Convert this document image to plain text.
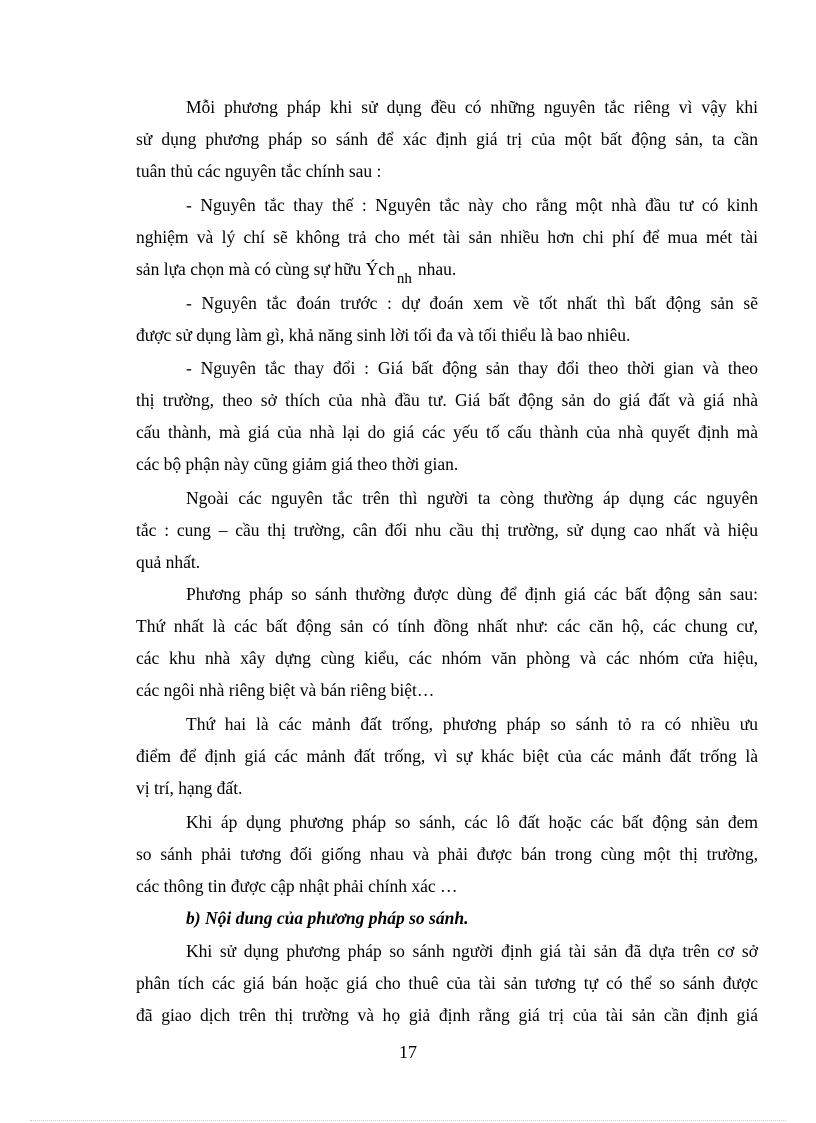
Mỗi phương pháp khi sử dụng đều có những nguyên tắc riêng vì vậy khi
sử dụng phương pháp so sánh để xác định giá trị của một bất động sản, ta cần
tuân thủ các nguyên tắc chính sau :
- Nguyên tắc thay thế : Nguyên tắc này cho rằng một nhà đầu tư có kinh
nghiệm và lý chí sẽ không trả cho mét tài sản nhiều hơn chi phí để mua mét tài
sản lựa chọn mà có cùng sự hữu Ých nh nhau.
- Nguyên tắc đoán trước : dự đoán xem về tốt nhất thì bất động sản sẽ
được sử dụng làm gì, khả năng sinh lời tối đa và tối thiểu là bao nhiêu.
- Nguyên tắc thay đổi : Giá bất động sản thay đổi theo thời gian và theo
thị trường, theo sở thích của nhà đầu tư. Giá bất động sản do giá đất và giá nhà
cấu thành, mà giá của nhà lại do giá các yếu tố cấu thành của nhà quyết định mà
các bộ phận này cũng giảm giá theo thời gian.
Ngoài các nguyên tắc trên thì người ta còng thường áp dụng các nguyên
tắc : cung – cầu thị trường, cân đối nhu cầu thị trường, sử dụng cao nhất và hiệu
quả nhất.
Phương pháp so sánh thường được dùng để định giá các bất động sản sau:
Thứ nhất là các bất động sản có tính đồng nhất như: các căn hộ, các chung cư,
các khu nhà xây dựng cùng kiểu, các nhóm văn phòng và các nhóm cửa hiệu,
các ngôi nhà riêng biệt và bán riêng biệt…
Thứ hai là các mảnh đất trống, phương pháp so sánh tỏ ra có nhiều ưu
điểm để định giá các mảnh đất trống, vì sự khác biệt của các mảnh đất trống là
vị trí, hạng đất.
Khi áp dụng phương pháp so sánh, các lô đất hoặc các bất động sản đem
so sánh phải tương đối giống nhau và phải được bán trong cùng một thị trường,
các thông tin được cập nhật phải chính xác …
b) Nội dung của phương pháp so sánh.
Khi sử dụng phương pháp so sánh người định giá tài sản đã dựa trên cơ sở
phân tích các giá bán hoặc giá cho thuê của tài sản tương tự có thể so sánh được
đã giao dịch trên thị trường và họ giả định rằng giá trị của tài sản cần định giá
17
